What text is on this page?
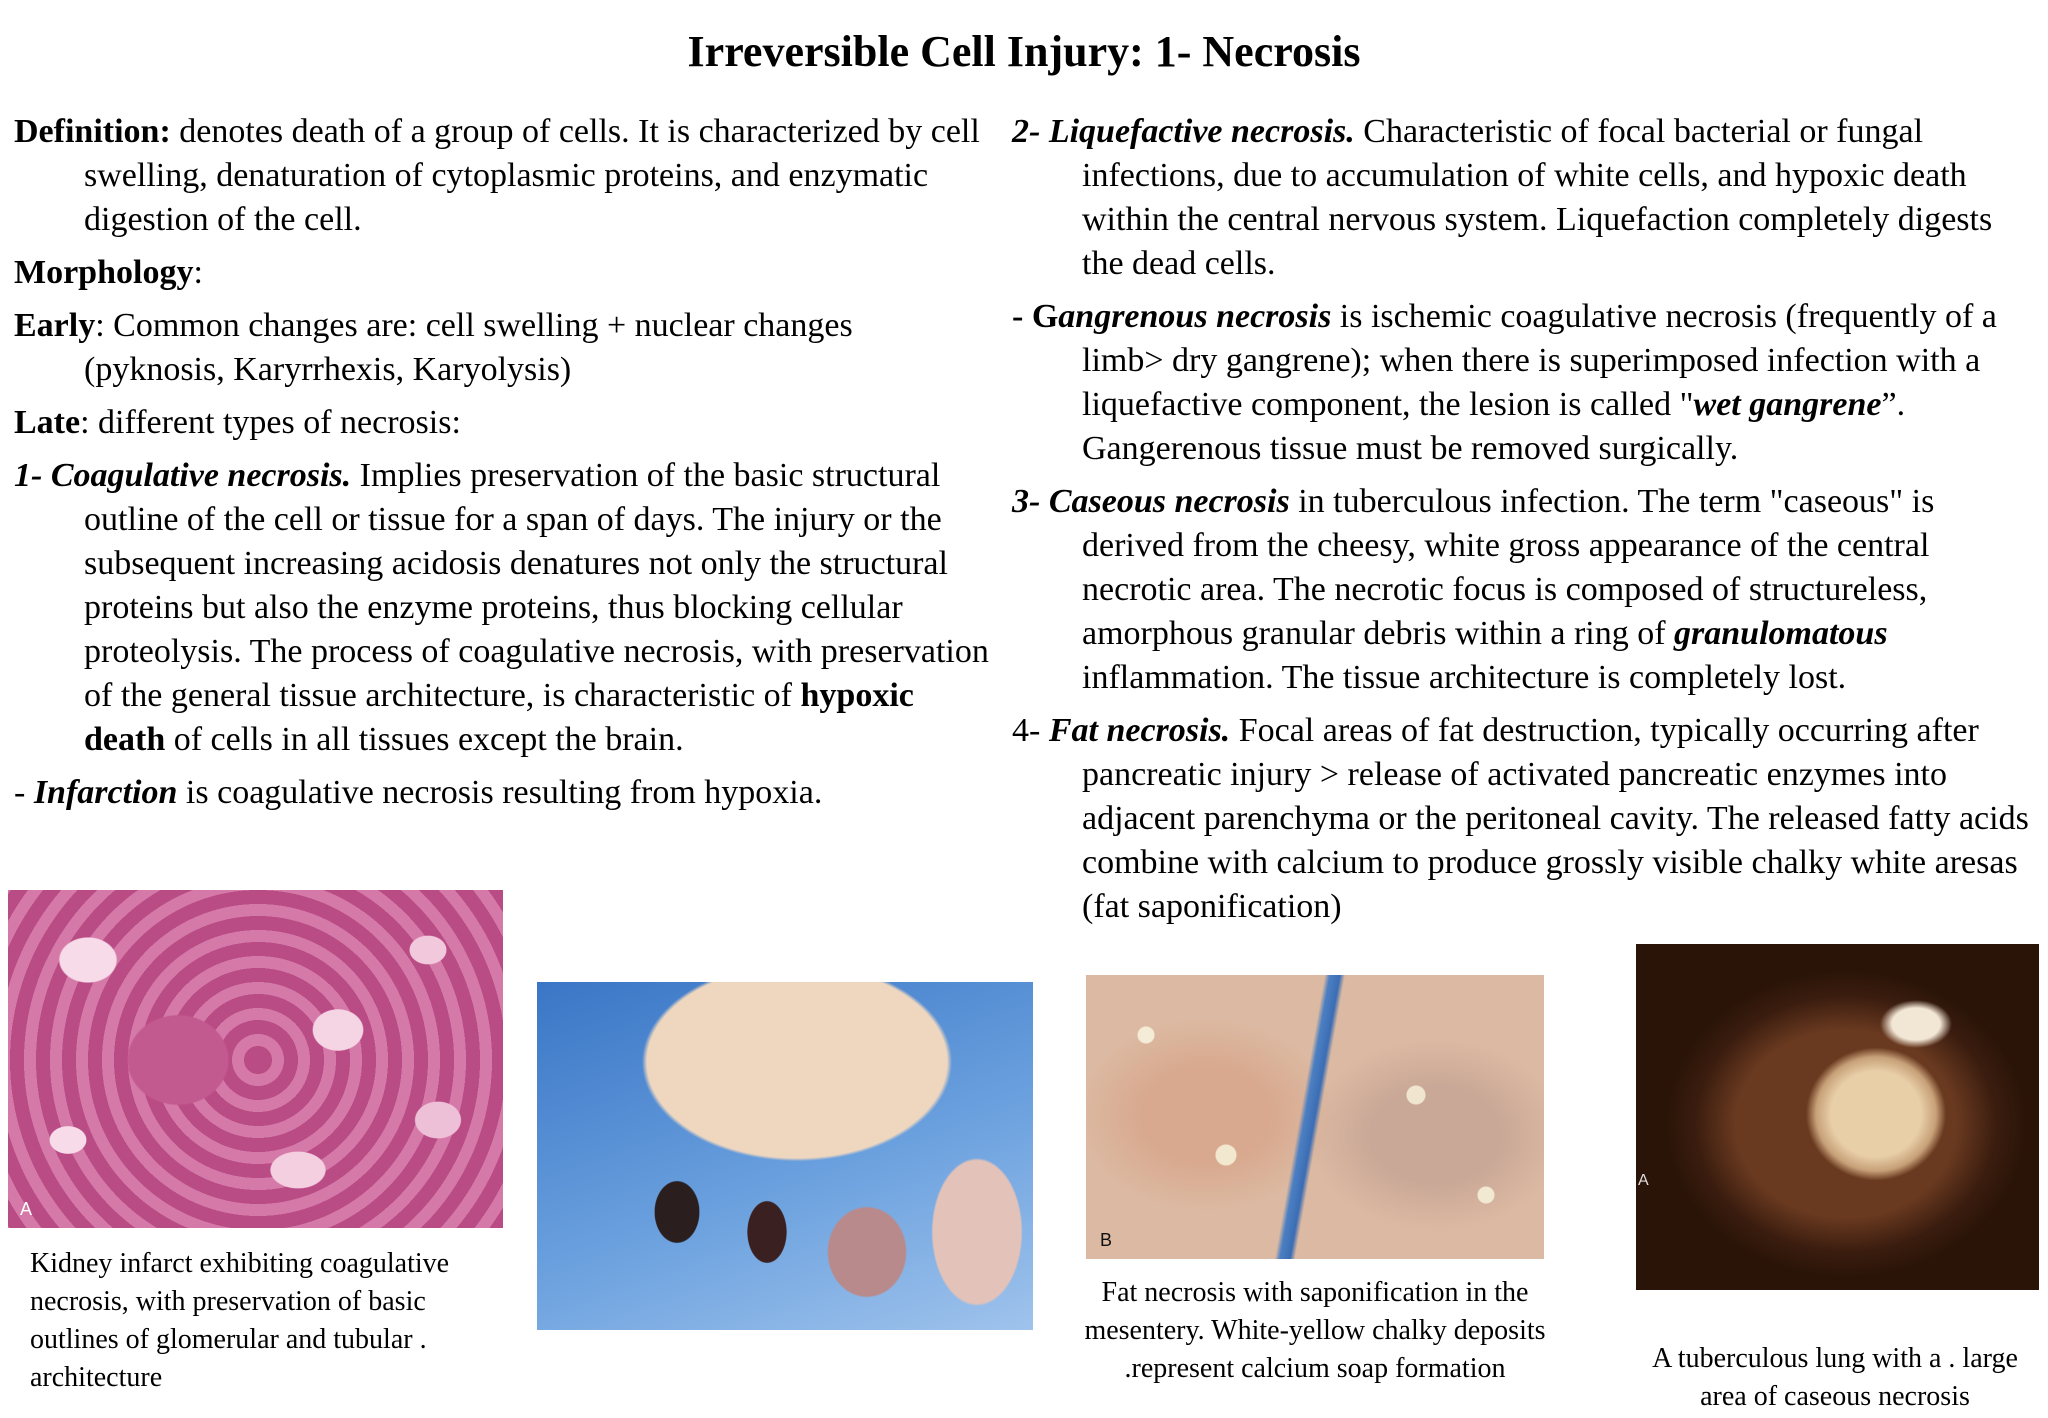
Irreversible Cell Injury: 1- Necrosis

Definition: denotes death of a group of cells. It is characterized by cell swelling, denaturation of cytoplasmic proteins, and enzymatic digestion of the cell.

Morphology:

Early: Common changes are: cell swelling + nuclear changes (pyknosis, Karyrrhexis, Karyolysis)

Late: different types of necrosis:

1- Coagulative necrosis. Implies preservation of the basic structural outline of the cell or tissue for a span of days. The injury or the subsequent increasing acidosis denatures not only the structural proteins but also the enzyme proteins, thus blocking cellular proteolysis. The process of coagulative necrosis, with preservation of the general tissue architecture, is characteristic of hypoxic death of cells in all tissues except the brain.

- Infarction is coagulative necrosis resulting from hypoxia.

2- Liquefactive necrosis. Characteristic of focal bacterial or fungal infections, due to accumulation of white cells, and hypoxic death within the central nervous system. Liquefaction completely digests the dead cells.

- Gangrenous necrosis is ischemic coagulative necrosis (frequently of a limb> dry gangrene); when there is superimposed infection with a liquefactive component, the lesion is called "wet gangrene”. Gangerenous tissue must be removed surgically.

3- Caseous necrosis in tuberculous infection. The term "caseous" is derived from the cheesy, white gross appearance of the central necrotic area. The necrotic focus is composed of structureless, amorphous granular debris within a ring of granulomatous inflammation. The tissue architecture is completely lost.

4- Fat necrosis. Focal areas of fat destruction, typically occurring after pancreatic injury > release of activated pancreatic enzymes into adjacent parenchyma or the peritoneal cavity. The released fatty acids combine with calcium to produce grossly visible chalky white aresas (fat saponification)

A
Kidney infarct exhibiting coagulative necrosis, with preservation of basic outlines of glomerular and tubular . architecture
B
Fat necrosis with saponification in the mesentery. White-yellow chalky deposits .represent calcium soap formation
A
A tuberculous lung with a . large area of caseous necrosis
